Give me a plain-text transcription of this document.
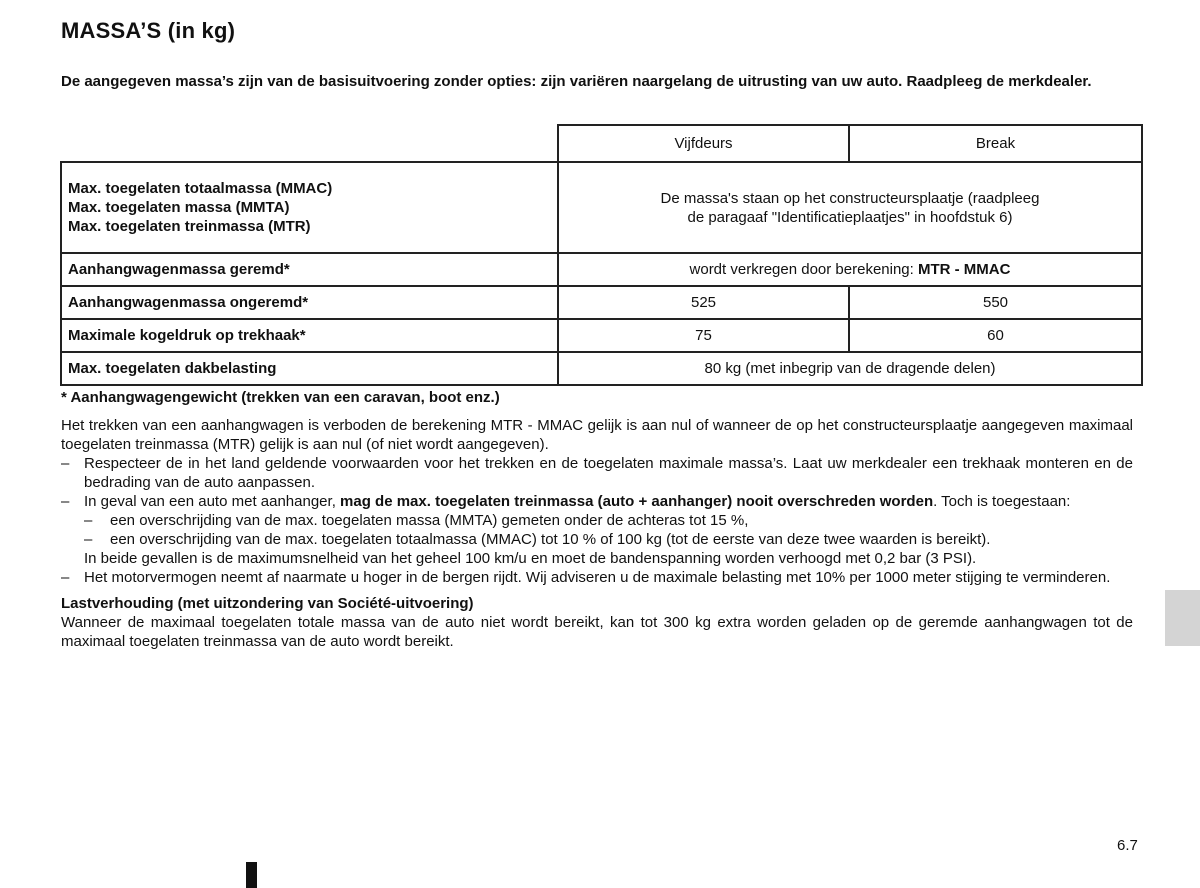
MASSA’S (in kg)
De aangegeven massa’s zijn van de basisuitvoering zonder opties: zijn variëren naargelang de uitrusting van uw auto. Raadpleeg de merkdealer.
	Vijfdeurs	Break

Max. toegelaten totaalmassa (MMAC)
Max. toegelaten massa (MMTA)
Max. toegelaten treinmassa (MTR)	De massa's staan op het constructeursplaatje (raadpleeg
de paragaaf "Identificatieplaatjes" in hoofdstuk 6)	

Aanhangwagenmassa geremd*	wordt verkregen door berekening: MTR - MMAC	
Aanhangwagenmassa ongeremd*	525	550
Maximale kogeldruk op trekhaak*	75	60
Max. toegelaten dakbelasting	80 kg (met inbegrip van de dragende delen)	
* Aanhangwagengewicht (trekken van een caravan, boot enz.)

Het trekken van een aanhangwagen is verboden de berekening MTR - MMAC gelijk is aan nul of wanneer de op het constructeursplaatje aangegeven maximaal toegelaten treinmassa (MTR) gelijk is aan nul (of niet wordt aangegeven).

– Respecteer de in het land geldende voorwaarden voor het trekken en de toegelaten maximale massa’s. Laat uw merkdealer een trekhaak monteren en de bedrading van de auto aanpassen.

– In geval van een auto met aanhanger, mag de max. toegelaten treinmassa (auto + aanhanger) nooit overschreden worden. Toch is toegestaan:

– een overschrijding van de max. toegelaten massa (MMTA) gemeten onder de achteras tot 15 %,

– een overschrijding van de max. toegelaten totaalmassa (MMAC) tot 10 % of 100 kg (tot de eerste van deze twee waarden is bereikt).

In beide gevallen is de maximumsnelheid van het geheel 100 km/u en moet de bandenspanning worden verhoogd met 0,2 bar (3 PSI).

– Het motorvermogen neemt af naarmate u hoger in de bergen rijdt. Wij adviseren u de maximale belasting met 10% per 1000 meter stijging te verminderen.

Lastverhouding (met uitzondering van Société-uitvoering)

Wanneer de maximaal toegelaten totale massa van de auto niet wordt bereikt, kan tot 300 kg extra worden geladen op de geremde aanhangwagen tot de maximaal toegelaten treinmassa van de auto wordt bereikt.

6.7
